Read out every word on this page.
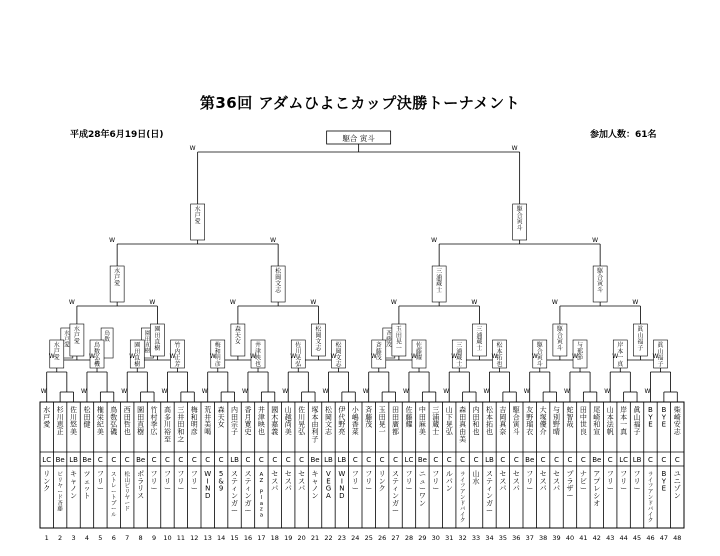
第36回 アダムひよこカップ決勝トーナメント
平成28年6月19日(日)	参加人数：61名
水戸愛
LC
リンク
1
杉川恵正
Be
ビリヤード斉藤
2
佐川悠美
LB
キャノン
3
松田健
Be
ツェット
4
権栄紀美
C
フリー
5
鳥数弘磯
C
ストレートプール
6
西田哲也
C
松山ビリヤード
7
園田直樹
Be
ポラリス
8
竹村季広
C
フリー
9
高多川裕至
C
フリー
10
三井田和之
C
フリー
11
梅和明彦
C
フリー
12
荒井美喝
C
W I N D
13
森天女
C
5 & 9
14
内田宗子
LB
スティンガー
15
香月寛史
C
スティンガー
16
井津映也
C
A Z P l a z a
17
國木嘉義
C
セスパ
18
山越尚美
C
セスパ
19
佐川晃弘
C
セスパ
20
塚本由利子
Be
キャノン
21
松岡文志
LB
V E G A
22
伊代野亮
LB
W I N D
23
小嶋香菜
C
フリー
24
斉藤茂
C
フリー
25
玉田晃一
C
リンク
26
田田廣都
C
スティンガー
27
佐藤耀
LC
フリー
28
中田麻美
Be
ニューワン
29
三浦蔵士
C
フリー
30
山下晃弘
C
ルパン
31
森田真由美
C
ライフアンドバイク
32
内田和也
C
山水
33
松本拓也
LB
スティンガー
34
吉岡真奈
C
セスパ
35
駆合寅斗
C
セスパ
36
友野瑠衣
Be
フリー
37
大塚優介
C
セスパ
38
与別野晴
C
セスパ
39
蛇智哉
C
プラザー
40
田中世良
C
ナビー
41
尾崎和宣
Be
アプレシオ
42
山本法帆
C
フリー
43
岸本一真
LC
フリー
44
眞山福子
LB
フリー
45
B Y E
C
ライフアンドバイク
46
B Y E
C
B Y E
47
柴崎安志
C
ユニゾン
48
水戸愛
W
鳥数
W
園田直樹
W	W	W	W	W	W
斉藤茂
W	W	W	W	W	W	W	W
水戸愛
W
鳥数弘機
W
園田直樹
W
竹内正芳
W
梅和明彦
W
井津映也
W
佐川晃弘
W
松岡文志
W
斉藤茂
W
佐藤耀
W
三浦蔵士
W
松本拓也
W
駆合寅斗
W
与那節
W
岸本一真
W
眞山福子
W
水戸愛
W
園田直樹
W
森天女
W
松岡文志
W
玉田晃一
W
三浦蔵士
W
駆合寅斗
W
眞山福子
W
水戸愛
W
松岡文志
W
三浦蔵士
W
駆合寅斗
W
水戸愛
W
駆合寅斗
W
駆合 寅斗
